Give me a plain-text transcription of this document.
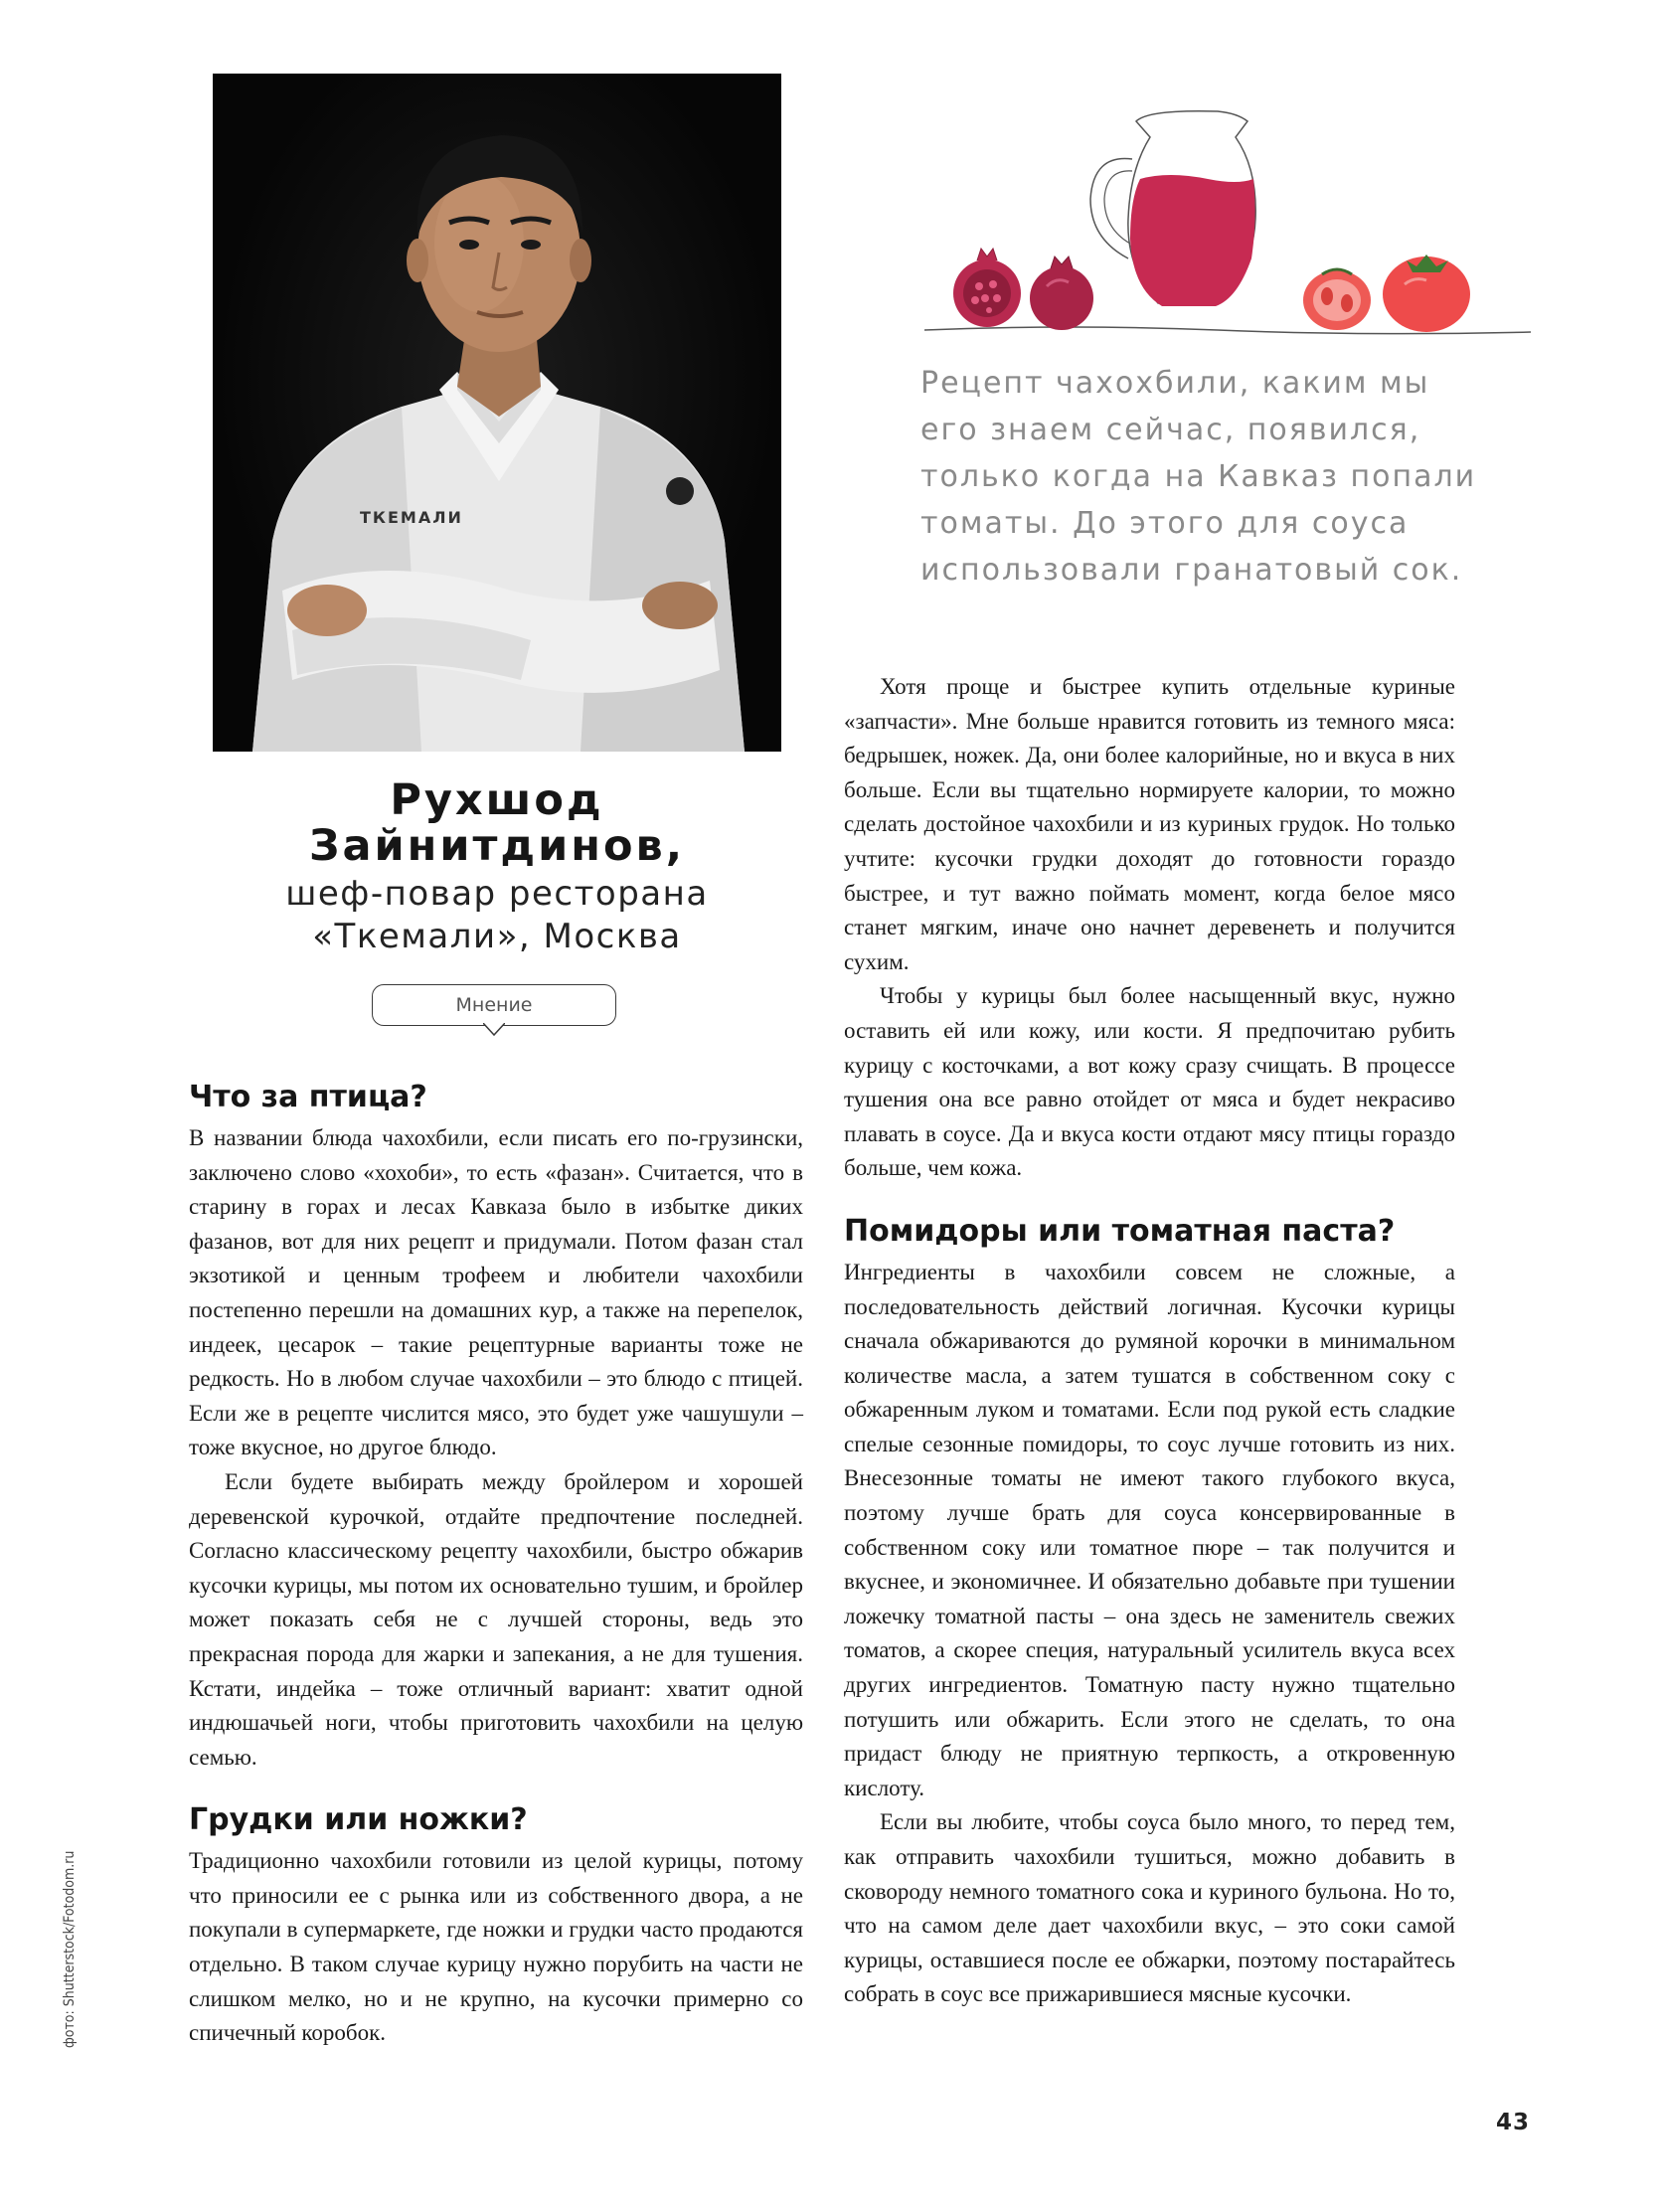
ТКЕМАЛИ
Рухшод
Зайнитдинов,
шеф-повар ресторана
«Ткемали», Москва
Мнение
Рецепт чахохбили, каким мы его знаем сейчас, появился, только когда на Кавказ попали томаты. До этого для соуса использовали гранатовый сок.
Что за птица?

В названии блюда чахохбили, если писать его по-грузински, заключено слово «хохоби», то есть «фазан». Считается, что в старину в горах и лесах Кавказа было в избытке диких фазанов, вот для них рецепт и придумали. Потом фазан стал экзотикой и ценным трофеем и любители чахохбили постепенно перешли на домашних кур, а также на перепелок, индеек, цесарок – такие рецептурные варианты тоже не редкость. Но в любом случае чахохбили – это блюдо с птицей. Если же в рецепте числится мясо, это будет уже чашушули – тоже вкусное, но другое блюдо.

Если будете выбирать между бройлером и хорошей деревенской курочкой, отдайте предпочтение последней. Согласно классическому рецепту чахохбили, быстро обжарив кусочки курицы, мы потом их основательно тушим, и бройлер может показать себя не с лучшей стороны, ведь это прекрасная порода для жарки и запекания, а не для тушения. Кстати, индейка – тоже отличный вариант: хватит одной индюшачьей ноги, чтобы приготовить чахохбили на целую семью.

Грудки или ножки?

Традиционно чахохбили готовили из целой курицы, потому что приносили ее с рынка или из собственного двора, а не покупали в супермаркете, где ножки и грудки часто продаются отдельно. В таком случае курицу нужно порубить на части не слишком мелко, но и не крупно, на кусочки примерно со спичечный коробок.

Хотя проще и быстрее купить отдельные куриные «запчасти». Мне больше нравится готовить из темного мяса: бедрышек, ножек. Да, они более калорийные, но и вкуса в них больше. Если вы тщательно нормируете калории, то можно сделать достойное чахохбили и из куриных грудок. Но только учтите: кусочки грудки доходят до готовности гораздо быстрее, и тут важно поймать момент, когда белое мясо станет мягким, иначе оно начнет деревенеть и получится сухим.

Чтобы у курицы был более насыщенный вкус, нужно оставить ей или кожу, или кости. Я предпочитаю рубить курицу с косточками, а вот кожу сразу счищать. В процессе тушения она все равно отойдет от мяса и будет некрасиво плавать в соусе. Да и вкуса кости отдают мясу птицы гораздо больше, чем кожа.

Помидоры или томатная паста?

Ингредиенты в чахохбили совсем не сложные, а последовательность действий логичная. Кусочки курицы сначала обжариваются до румяной корочки в минимальном количестве масла, а затем тушатся в собственном соку с обжаренным луком и томатами. Если под рукой есть сладкие спелые сезонные помидоры, то соус лучше готовить из них. Внесезонные томаты не имеют такого глубокого вкуса, поэтому лучше брать для соуса консервированные в собственном соку или томатное пюре – так получится и вкуснее, и экономичнее. И обязательно добавьте при тушении ложечку томатной пасты – она здесь не заменитель свежих томатов, а скорее специя, натуральный усилитель вкуса всех других ингредиентов. Томатную пасту нужно тщательно потушить или обжарить. Если этого не сделать, то она придаст блюду не приятную терпкость, а откровенную кислоту.

Если вы любите, чтобы соуса было много, то перед тем, как отправить чахохбили тушиться, можно добавить в сковороду немного томатного сока и куриного бульона. Но то, что на самом деле дает чахохбили вкус, – это соки самой курицы, оставшиеся после ее обжарки, поэтому постарайтесь собрать в соус все прижарившиеся мясные кусочки.

фото: Shutterstock/Fotodom.ru
43
